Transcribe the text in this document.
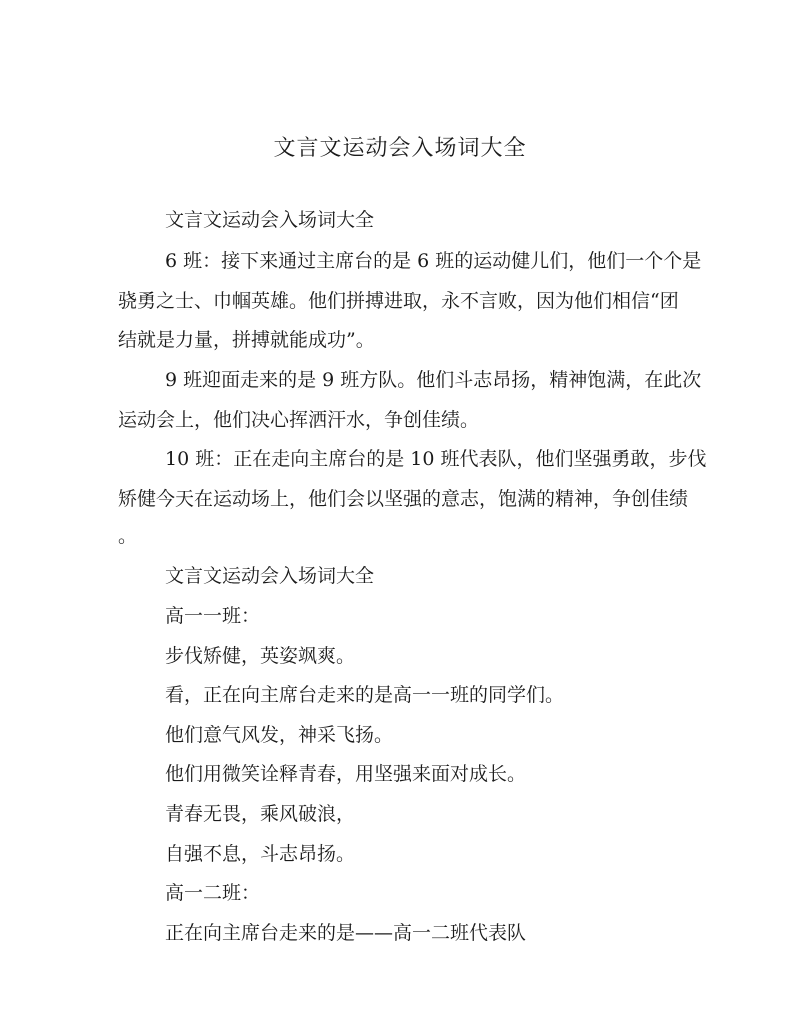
文言文运动会入场词大全
文言文运动会入场词大全
6 班：接下来通过主席台的是 6 班的运动健儿们，他们一个个是
骁勇之士、巾帼英雄。他们拼搏进取，永不言败，因为他们相信“团
结就是力量，拼搏就能成功”。
9 班迎面走来的是 9 班方队。他们斗志昂扬，精神饱满，在此次
运动会上，他们决心挥洒汗水，争创佳绩。
10 班：正在走向主席台的是 10 班代表队，他们坚强勇敢，步伐
矫健今天在运动场上，他们会以坚强的意志，饱满的精神，争创佳绩
。
文言文运动会入场词大全
高一一班：
步伐矫健，英姿飒爽。
看，正在向主席台走来的是高一一班的同学们。
他们意气风发，神采飞扬。
他们用微笑诠释青春，用坚强来面对成长。
青春无畏，乘风破浪，
自强不息，斗志昂扬。
高一二班：
正在向主席台走来的是——高一二班代表队
